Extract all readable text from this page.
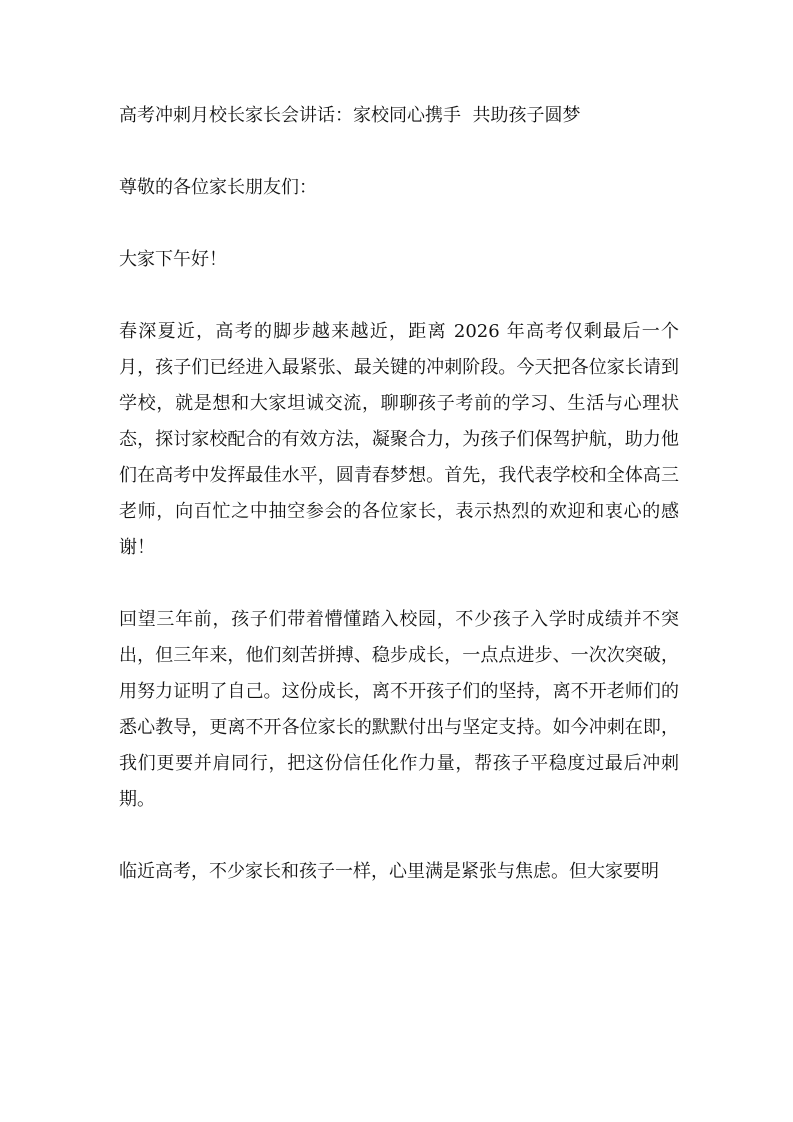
高考冲刺月校长家长会讲话：家校同心携手  共助孩子圆梦

尊敬的各位家长朋友们：

大家下午好！

春深夏近，高考的脚步越来越近，距离 2026 年高考仅剩最后一个月，孩子们已经进入最紧张、最关键的冲刺阶段。今天把各位家长请到学校，就是想和大家坦诚交流，聊聊孩子考前的学习、生活与心理状态，探讨家校配合的有效方法，凝聚合力，为孩子们保驾护航，助力他们在高考中发挥最佳水平，圆青春梦想。首先，我代表学校和全体高三老师，向百忙之中抽空参会的各位家长，表示热烈的欢迎和衷心的感谢！

回望三年前，孩子们带着懵懂踏入校园，不少孩子入学时成绩并不突出，但三年来，他们刻苦拼搏、稳步成长，一点点进步、一次次突破，用努力证明了自己。这份成长，离不开孩子们的坚持，离不开老师们的悉心教导，更离不开各位家长的默默付出与坚定支持。如今冲刺在即，我们更要并肩同行，把这份信任化作力量，帮孩子平稳度过最后冲刺期。

临近高考，不少家长和孩子一样，心里满是紧张与焦虑。但大家要明
